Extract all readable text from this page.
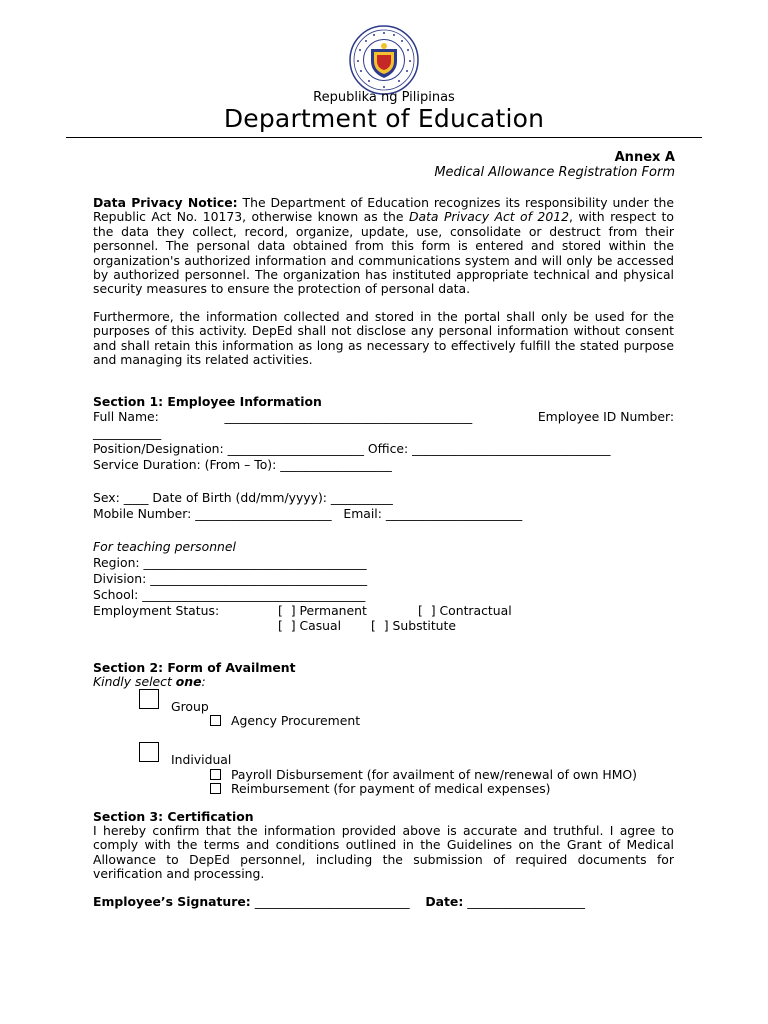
Republika ng Pilipinas
Department of Education
Annex A
Medical Allowance Registration Form
Data Privacy Notice: The Department of Education recognizes its responsibility under the Republic Act No. 10173, otherwise known as the Data Privacy Act of 2012, with respect to the data they collect, record, organize, update, use, consolidate or destruct from their personnel. The personal data obtained from this form is entered and stored within the organization's authorized information and communications system and will only be accessed by authorized personnel. The organization has instituted appropriate technical and physical security measures to ensure the protection of personal data.
Furthermore, the information collected and stored in the portal shall only be used for the purposes of this activity. DepEd shall not disclose any personal information without consent and shall retain this information as long as necessary to effectively fulfill the stated purpose and managing its related activities.
Section 1: Employee Information
Full Name:	________________________________________	Employee ID Number:
___________
Position/Designation: ______________________ Office: ________________________________
Service Duration: (From – To): __________________
Sex: ____ Date of Birth (dd/mm/yyyy): __________
Mobile Number: ______________________   Email: ______________________
For teaching personnel
Region: ____________________________________
Division: ___________________________________
School: ____________________________________
Employment Status:	[  ] Permanent	[  ] Contractual
[  ] Casual [  ] Substitute
Section 2: Form of Availment
Kindly select one:
Group
Agency Procurement
Individual
Payroll Disbursement (for availment of new/renewal of own HMO)
Reimbursement (for payment of medical expenses)
Section 3: Certification
I hereby confirm that the information provided above is accurate and truthful. I agree to comply with the terms and conditions outlined in the Guidelines on the Grant of Medical Allowance to DepEd personnel, including the submission of required documents for verification and processing.
Employee’s Signature: _________________________ Date: ___________________
